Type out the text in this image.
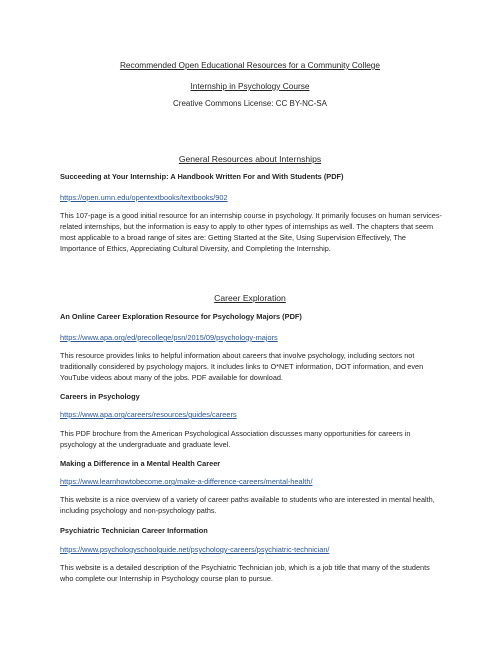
Recommended Open Educational Resources for a Community College
Internship in Psychology Course
Creative Commons License: CC BY-NC-SA
General Resources about Internships
Succeeding at Your Internship: A Handbook Written For and With Students (PDF)
https://open.umn.edu/opentextbooks/textbooks/902
This 107-page is a good initial resource for an internship course in psychology. It primarily focuses on human services-related internships, but the information is easy to apply to other types of internships as well. The chapters that seem most applicable to a broad range of sites are: Getting Started at the Site, Using Supervision Effectively, The Importance of Ethics, Appreciating Cultural Diversity, and Completing the Internship.
Career Exploration
An Online Career Exploration Resource for Psychology Majors (PDF)
https://www.apa.org/ed/precollege/psn/2015/09/psychology-majors
This resource provides links to helpful information about careers that involve psychology, including sectors not traditionally considered by psychology majors. It includes links to O*NET information, DOT information, and even YouTube videos about many of the jobs. PDF available for download.
Careers in Psychology
https://www.apa.org/careers/resources/guides/careers
This PDF brochure from the American Psychological Association discusses many opportunities for careers in psychology at the undergraduate and graduate level.
Making a Difference in a Mental Health Career
https://www.learnhowtobecome.org/make-a-difference-careers/mental-health/
This website is a nice overview of a variety of career paths available to students who are interested in mental health, including psychology and non-psychology paths.
Psychiatric Technician Career Information
https://www.psychologyschoolguide.net/psychology-careers/psychiatric-technician/
This website is a detailed description of the Psychiatric Technician job, which is a job title that many of the students who complete our Internship in Psychology course plan to pursue.
